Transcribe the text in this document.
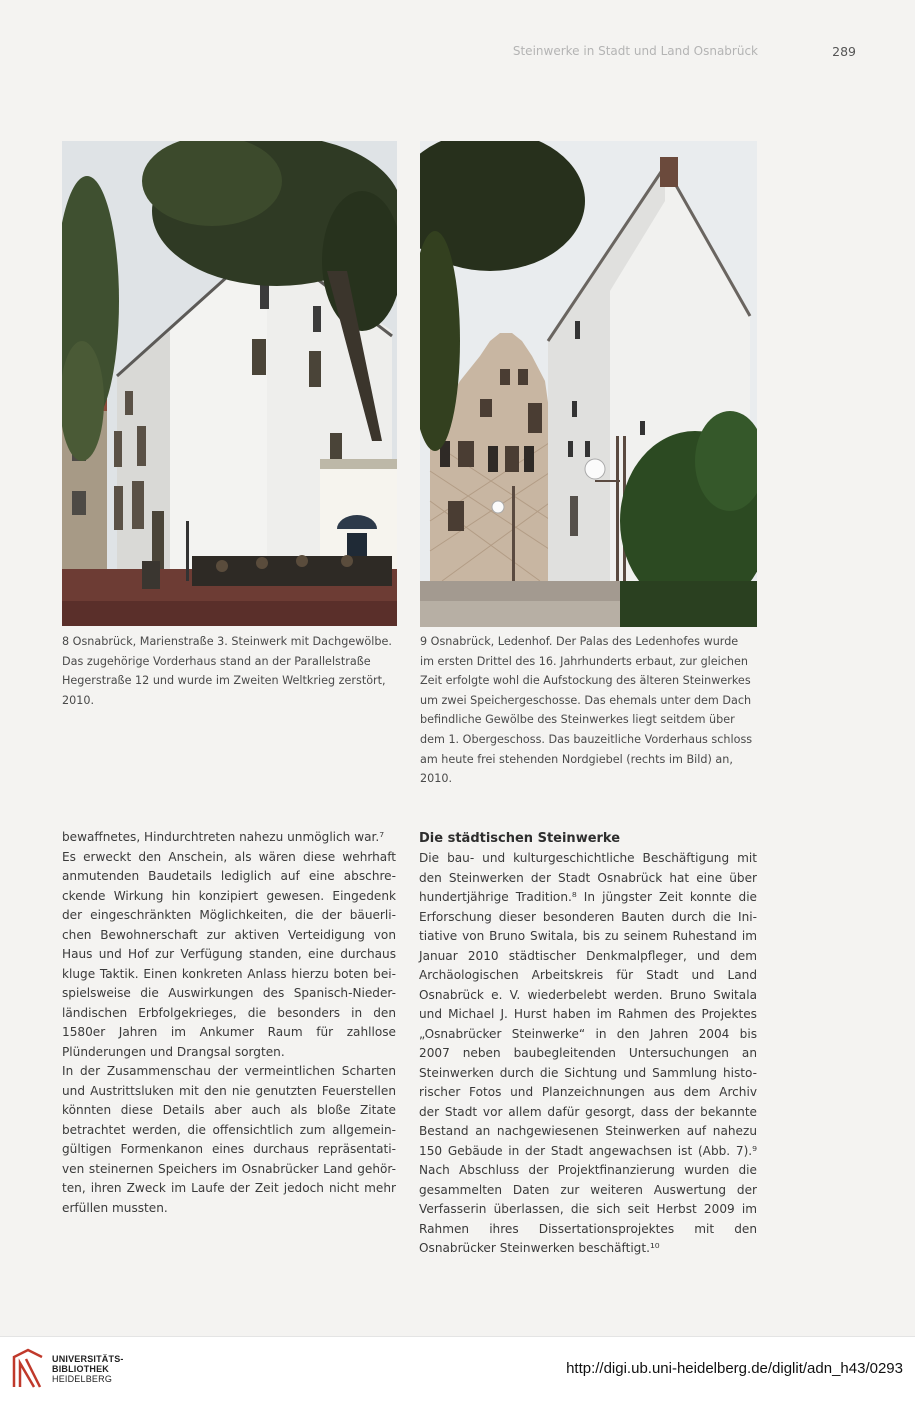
Steinwerke in Stadt und Land Osnabrück	289

8 Osnabrück, Marienstraße 3. Steinwerk mit Dachgewölbe.

Das zugehörige Vorderhaus stand an der Parallelstraße

Hegerstraße 12 und wurde im Zweiten Weltkrieg zerstört,

2010.

9 Osnabrück, Ledenhof. Der Palas des Ledenhofes wurde

im ersten Drittel des 16. Jahrhunderts erbaut, zur gleichen

Zeit erfolgte wohl die Aufstockung des älteren Steinwerkes

um zwei Speichergeschosse. Das ehemals unter dem Dach

befindliche Gewölbe des Steinwerkes liegt seitdem über

dem 1. Obergeschoss. Das bauzeitliche Vorderhaus schloss

am heute frei stehenden Nordgiebel (rechts im Bild) an,

2010.

bewaffnetes, Hindurchtreten nahezu unmöglich war.⁷
Es erweckt den Anschein, als wären diese wehrhaft
anmutenden Baudetails lediglich auf eine abschre-
ckende Wirkung hin konzipiert gewesen. Eingedenk
der eingeschränkten Möglichkeiten, die der bäuerli-
chen Bewohnerschaft zur aktiven Verteidigung von
Haus und Hof zur Verfügung standen, eine durchaus
kluge Taktik. Einen konkreten Anlass hierzu boten bei-
spielsweise die Auswirkungen des Spanisch-Nieder-
ländischen Erbfolgekrieges, die besonders in den
1580er Jahren im Ankumer Raum für zahllose
Plünderungen und Drangsal sorgten.
In der Zusammenschau der vermeintlichen Scharten
und Austrittsluken mit den nie genutzten Feuerstellen
könnten diese Details aber auch als bloße Zitate
betrachtet werden, die offensichtlich zum allgemein-
gültigen Formenkanon eines durchaus repräsentati-
ven steinernen Speichers im Osnabrücker Land gehör-
ten, ihren Zweck im Laufe der Zeit jedoch nicht mehr
erfüllen mussten.
Die städtischen Steinwerke
Die bau- und kulturgeschichtliche Beschäftigung mit
den Steinwerken der Stadt Osnabrück hat eine über
hundertjährige Tradition.⁸ In jüngster Zeit konnte die
Erforschung dieser besonderen Bauten durch die Ini-
tiative von Bruno Switala, bis zu seinem Ruhestand im
Januar 2010 städtischer Denkmalpfleger, und dem
Archäologischen Arbeitskreis für Stadt und Land
Osnabrück e. V. wiederbelebt werden. Bruno Switala
und Michael J. Hurst haben im Rahmen des Projektes
„Osnabrücker Steinwerke“ in den Jahren 2004 bis
2007 neben baubegleitenden Untersuchungen an
Steinwerken durch die Sichtung und Sammlung histo-
rischer Fotos und Planzeichnungen aus dem Archiv
der Stadt vor allem dafür gesorgt, dass der bekannte
Bestand an nachgewiesenen Steinwerken auf nahezu
150 Gebäude in der Stadt angewachsen ist (Abb. 7).⁹
Nach Abschluss der Projektfinanzierung wurden die
gesammelten Daten zur weiteren Auswertung der
Verfasserin überlassen, die sich seit Herbst 2009 im
Rahmen ihres Dissertationsprojektes mit den
Osnabrücker Steinwerken beschäftigt.¹⁰
UNIVERSITÄTS-
BIBLIOTHEK
HEIDELBERG
http://digi.ub.uni-heidelberg.de/diglit/adn_h43/0293
